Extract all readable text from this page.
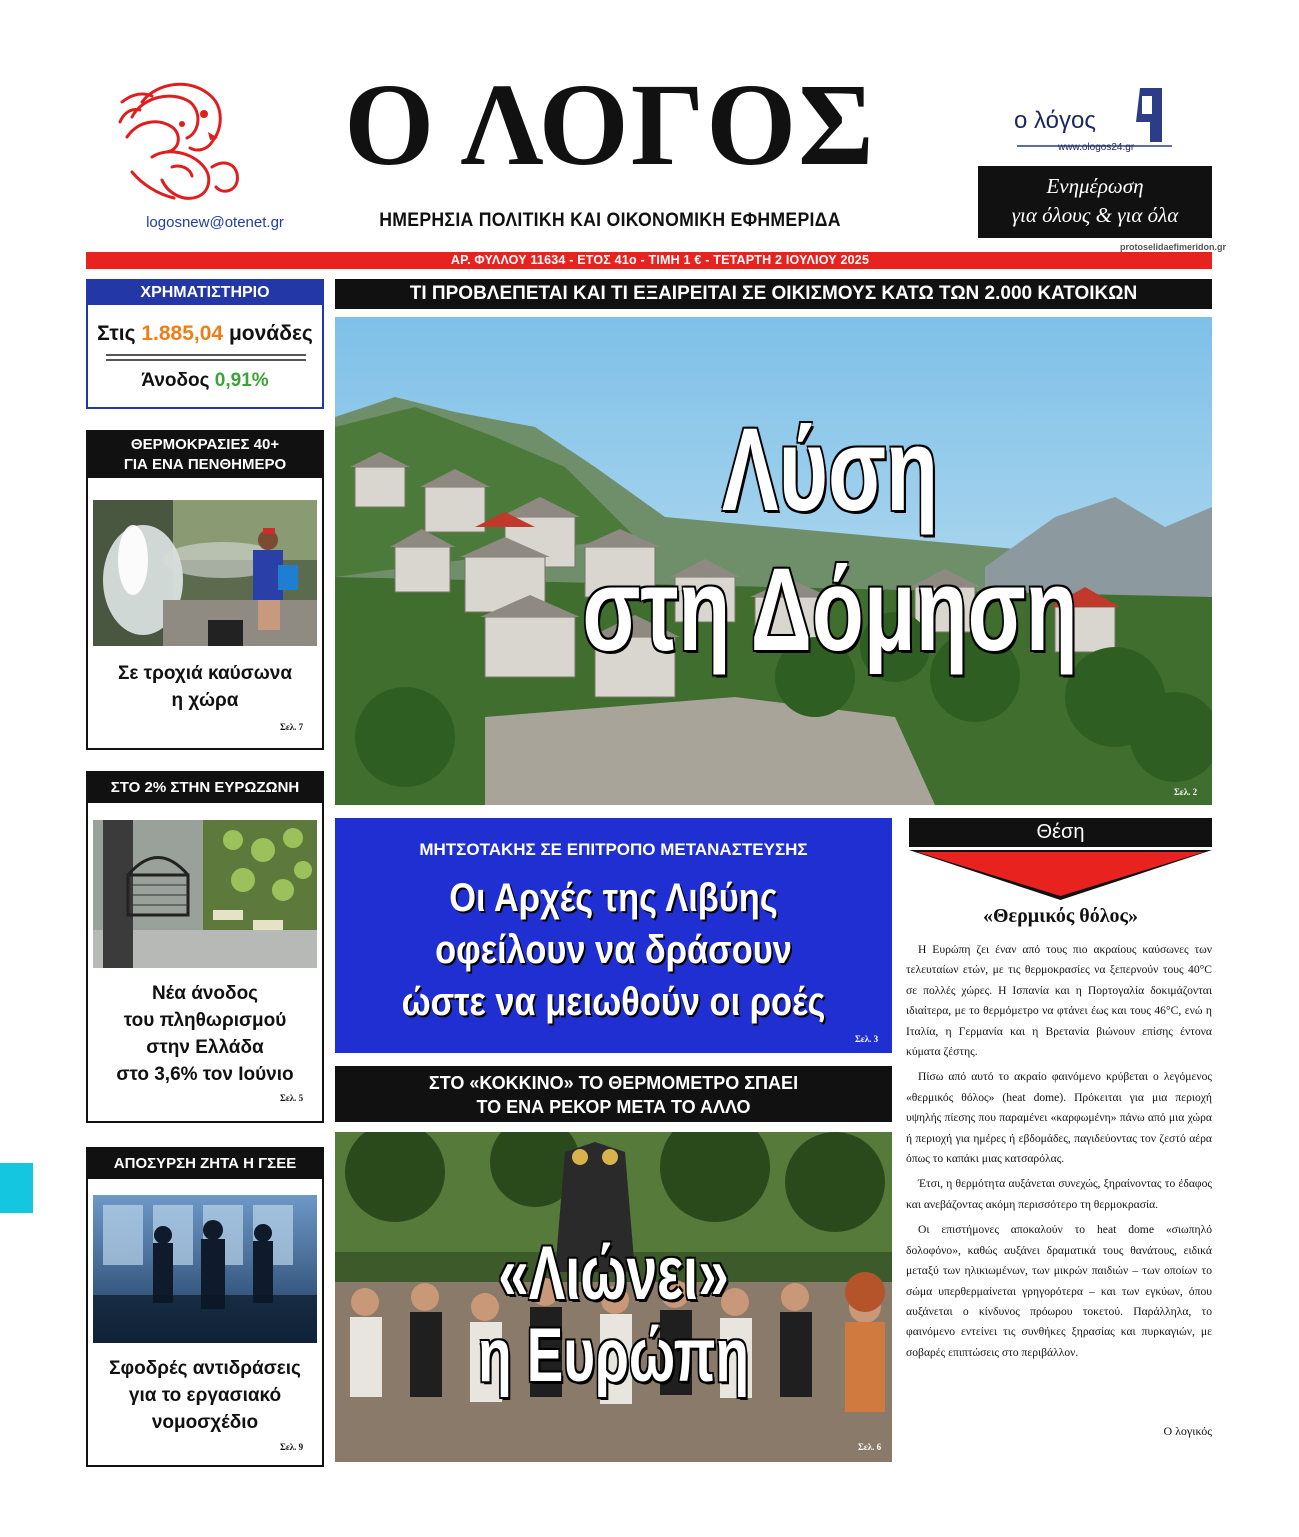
logosnew@otenet.gr
Ο ΛΟΓΟΣ
ΗΜΕΡΗΣΙΑ ΠΟΛΙΤΙΚΗ ΚΑΙ ΟΙΚΟΝΟΜΙΚΗ ΕΦΗΜΕΡΙΔΑ
ο λόγος
www.ologos24.gr
Ενημέρωση
για όλους & για όλα
protoselidaefimeridon.gr
ΑΡ. ΦΥΛΛΟΥ 11634 - ΕΤΟΣ 41ο - ΤΙΜΗ 1 € - ΤΕΤΑΡΤΗ 2 ΙΟΥΛΙΟΥ 2025
ΧΡΗΜΑΤΙΣΤΗΡΙΟ
Στις 1.885,04 μονάδες
Άνοδος 0,91%
ΘΕΡΜΟΚΡΑΣΙΕΣ 40+
ΓΙΑ ΕΝΑ ΠΕΝΘΗΜΕΡΟ
Σε τροχιά καύσωνα
η χώρα
Σελ. 7
ΣΤΟ 2% ΣΤΗΝ ΕΥΡΩΖΩΝΗ
Νέα άνοδος
του πληθωρισμού
στην Ελλάδα
στο 3,6% τον Ιούνιο
Σελ. 5
ΑΠΟΣΥΡΣΗ ΖΗΤΑ Η ΓΣΕΕ
Σφοδρές αντιδράσεις
για το εργασιακό
νομοσχέδιο
Σελ. 9
ΤΙ ΠΡΟΒΛΕΠΕΤΑΙ ΚΑΙ ΤΙ ΕΞΑΙΡΕΙΤΑΙ ΣΕ ΟΙΚΙΣΜΟΥΣ ΚΑΤΩ ΤΩΝ 2.000 ΚΑΤΟΙΚΩΝ
Λύση
στη Δόμηση
Σελ. 2
ΜΗΤΣΟΤΑΚΗΣ ΣΕ ΕΠΙΤΡΟΠΟ ΜΕΤΑΝΑΣΤΕΥΣΗΣ
Οι Αρχές της Λιβύης
οφείλουν να δράσουν
ώστε να μειωθούν οι ροές
Σελ. 3
ΣΤΟ «ΚΟΚΚΙΝΟ» ΤΟ ΘΕΡΜΟΜΕΤΡΟ ΣΠΑΕΙ
ΤΟ ΕΝΑ ΡΕΚΟΡ ΜΕΤΑ ΤΟ ΑΛΛΟ
«Λιώνει»
η Ευρώπη
Σελ. 6
Θέση
«Θερμικός θόλος»

Η Ευρώπη ζει έναν από τους πιο ακραίους καύσωνες των τελευταίων ετών, με τις θερμοκρασίες να ξεπερνούν τους 40°C σε πολλές χώρες. Η Ισπανία και η Πορτογαλία δοκιμάζονται ιδιαίτερα, με το θερμόμετρο να φτάνει έως και τους 46°C, ενώ η Ιταλία, η Γερμανία και η Βρετανία βιώνουν επίσης έντονα κύματα ζέστης.

Πίσω από αυτό το ακραίο φαινόμενο κρύβεται ο λεγόμενος «θερμικός θόλος» (heat dome). Πρόκειται για μια περιοχή υψηλής πίεσης που παραμένει «καρφωμένη» πάνω από μια χώρα ή περιοχή για ημέρες ή εβδομάδες, παγιδεύοντας τον ζεστό αέρα όπως το καπάκι μιας κατσαρόλας.

Έτσι, η θερμότητα αυξάνεται συνεχώς, ξηραίνοντας το έδαφος και ανεβάζοντας ακόμη περισσότερο τη θερμοκρασία.

Οι επιστήμονες αποκαλούν το heat dome «σιωπηλό δολοφόνο», καθώς αυξάνει δραματικά τους θανάτους, ειδικά μεταξύ των ηλικιωμένων, των μικρών παιδιών – των οποίων το σώμα υπερθερμαίνεται γρηγορότερα – και των εγκύων, όπου αυξάνεται ο κίνδυνος πρόωρου τοκετού. Παράλληλα, το φαινόμενο εντείνει τις συνθήκες ξηρασίας και πυρκαγιών, με σοβαρές επιπτώσεις στο περιβάλλον.

Ο λογικός
